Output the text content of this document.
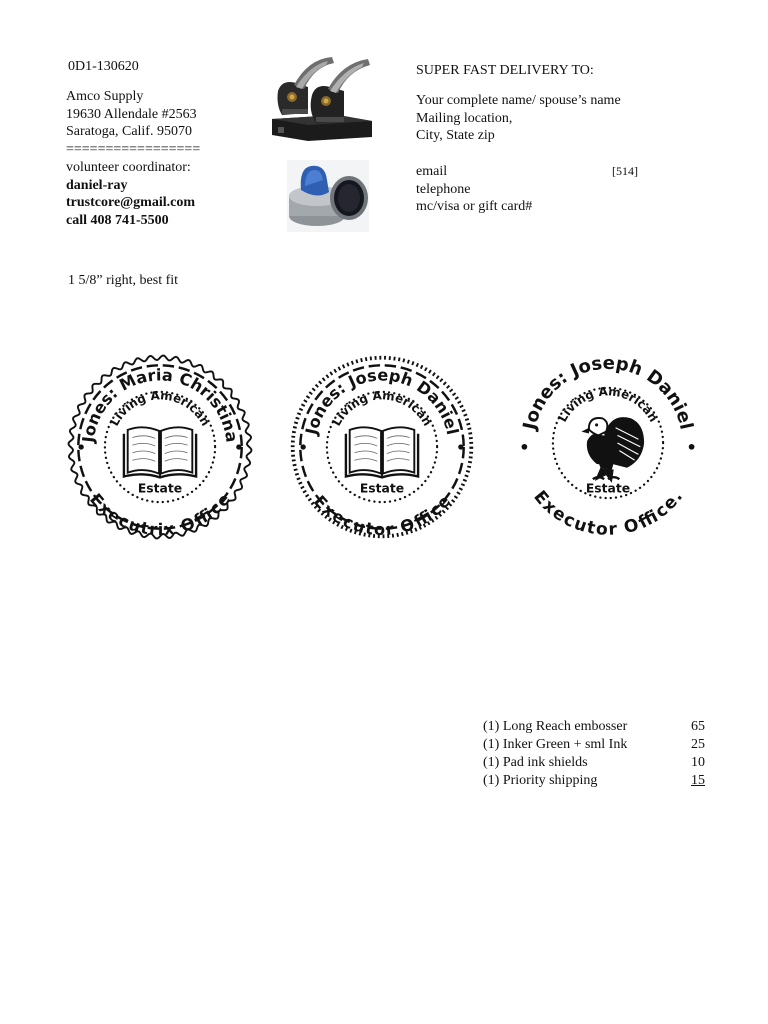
0D1-130620
Amco Supply
19630 Allendale #2563
Saratoga, Calif. 95070
=================
volunteer coordinator:
daniel-ray
trustcore@gmail.com
call 408 741-5500
1 5/8” right, best fit
SUPER FAST DELIVERY TO:
Your complete name/ spouse’s name
Mailing location,
City, State zip
[514]
email
telephone
mc/visa or gift card#
Jones: Maria Christina
Executrix Office
Living American
Estate
Jones: Joseph Daniel
Executor Office
Living American
Estate
Jones: Joseph Daniel
Executor Office.
Living American
Estate
(1) Long Reach embosser	65
(1) Inker Green + sml Ink	25
(1) Pad ink shields	10
(1) Priority shipping	15
